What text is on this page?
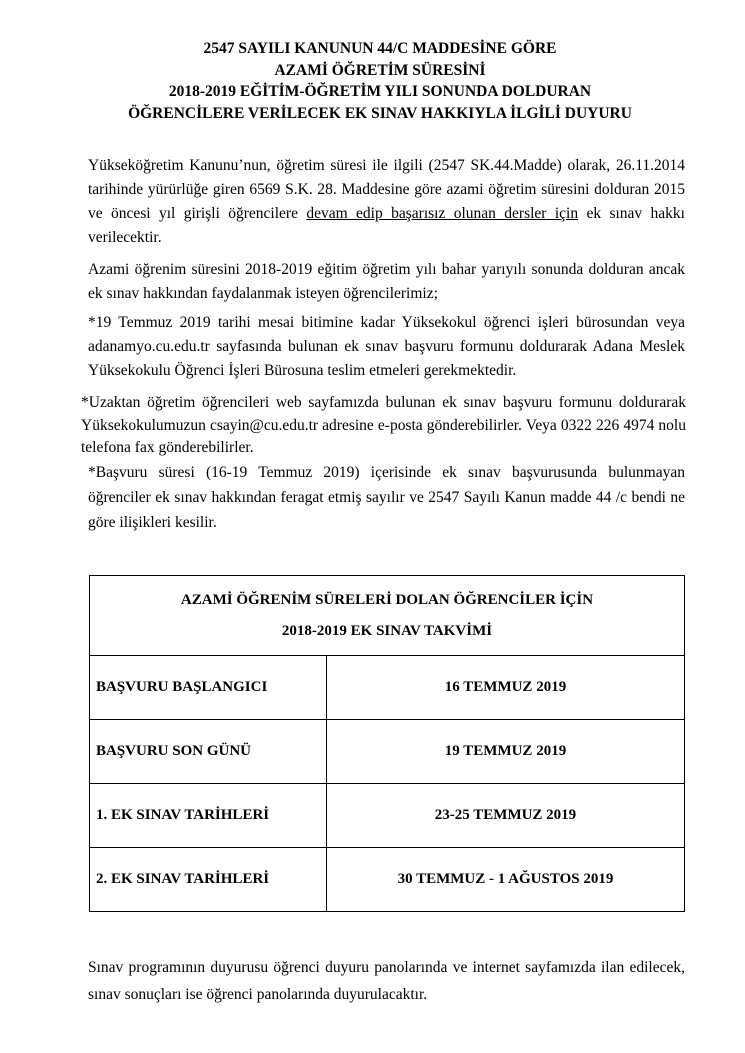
2547 SAYILI KANUNUN 44/C MADDESİNE GÖRE
AZAMİ ÖĞRETİM SÜRESİNİ
2018-2019 EĞİTİM-ÖĞRETİM YILI SONUNDA DOLDURAN
ÖĞRENCİLERE VERİLECEK EK SINAV HAKKIYLA İLGİLİ DUYURU

Yükseköğretim Kanunu’nun, öğretim süresi ile ilgili (2547 SK.44.Madde) olarak, 26.11.2014 tarihinde yürürlüğe giren 6569 S.K. 28. Maddesine göre azami öğretim süresini dolduran 2015 ve öncesi yıl girişli öğrencilere devam edip başarısız olunan dersler için ek sınav hakkı verilecektir.

Azami öğrenim süresini 2018-2019 eğitim öğretim yılı bahar yarıyılı sonunda dolduran ancak ek sınav hakkından faydalanmak isteyen öğrencilerimiz;

*19 Temmuz 2019 tarihi mesai bitimine kadar Yüksekokul öğrenci işleri bürosundan veya adanamyo.cu.edu.tr sayfasında bulunan ek sınav başvuru formunu doldurarak Adana Meslek Yüksekokulu Öğrenci İşleri Bürosuna teslim etmeleri gerekmektedir.

*Uzaktan öğretim öğrencileri web sayfamızda bulunan ek sınav başvuru formunu doldurarak Yüksekokulumuzun csayin@cu.edu.tr adresine e-posta gönderebilirler. Veya 0322 226 4974 nolu telefona fax gönderebilirler.

*Başvuru süresi (16-19 Temmuz 2019) içerisinde ek sınav başvurusunda bulunmayan öğrenciler ek sınav hakkından feragat etmiş sayılır ve 2547 Sayılı Kanun madde 44 /c bendi ne göre ilişikleri kesilir.

AZAMİ ÖĞRENİM SÜRELERİ DOLAN ÖĞRENCİLER İÇİN
2018-2019 EK SINAV TAKVİMİ	

BAŞVURU BAŞLANGICI	16 TEMMUZ 2019
BAŞVURU SON GÜNÜ	19 TEMMUZ 2019
1. EK SINAV TARİHLERİ	23-25 TEMMUZ 2019
2. EK SINAV TARİHLERİ	30 TEMMUZ - 1 AĞUSTOS 2019

Sınav programının duyurusu öğrenci duyuru panolarında ve internet sayfamızda ilan edilecek, sınav sonuçları ise öğrenci panolarında duyurulacaktır.
